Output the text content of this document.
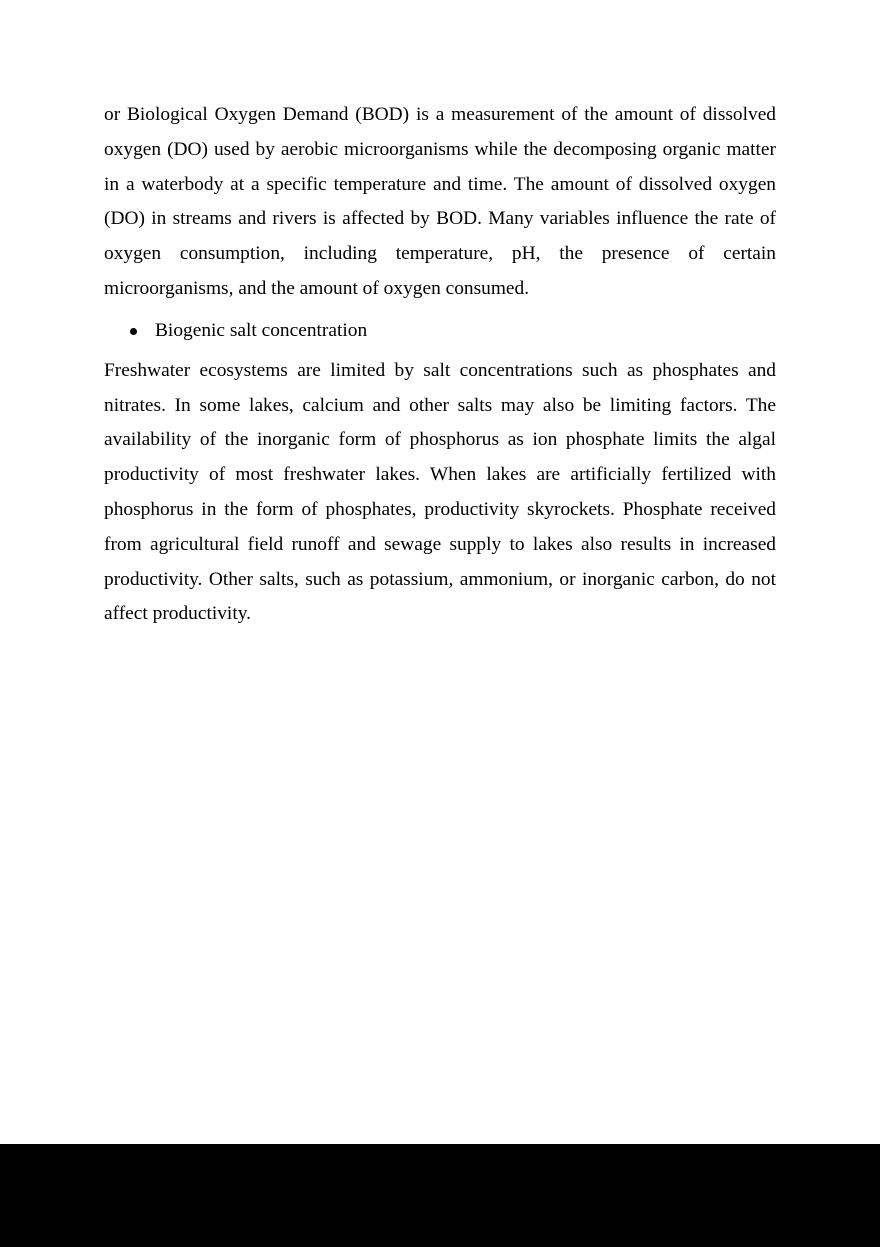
or Biological Oxygen Demand (BOD) is a measurement of the amount of dissolved oxygen (DO) used by aerobic microorganisms while the decomposing organic matter in a waterbody at a specific temperature and time. The amount of dissolved oxygen (DO) in streams and rivers is affected by BOD. Many variables influence the rate of oxygen consumption, including temperature, pH, the presence of certain microorganisms, and the amount of oxygen consumed.

Biogenic salt concentration

Freshwater ecosystems are limited by salt concentrations such as phosphates and nitrates. In some lakes, calcium and other salts may also be limiting factors. The availability of the inorganic form of phosphorus as ion phosphate limits the algal productivity of most freshwater lakes. When lakes are artificially fertilized with phosphorus in the form of phosphates, productivity skyrockets. Phosphate received from agricultural field runoff and sewage supply to lakes also results in increased productivity. Other salts, such as potassium, ammonium, or inorganic carbon, do not affect productivity.
